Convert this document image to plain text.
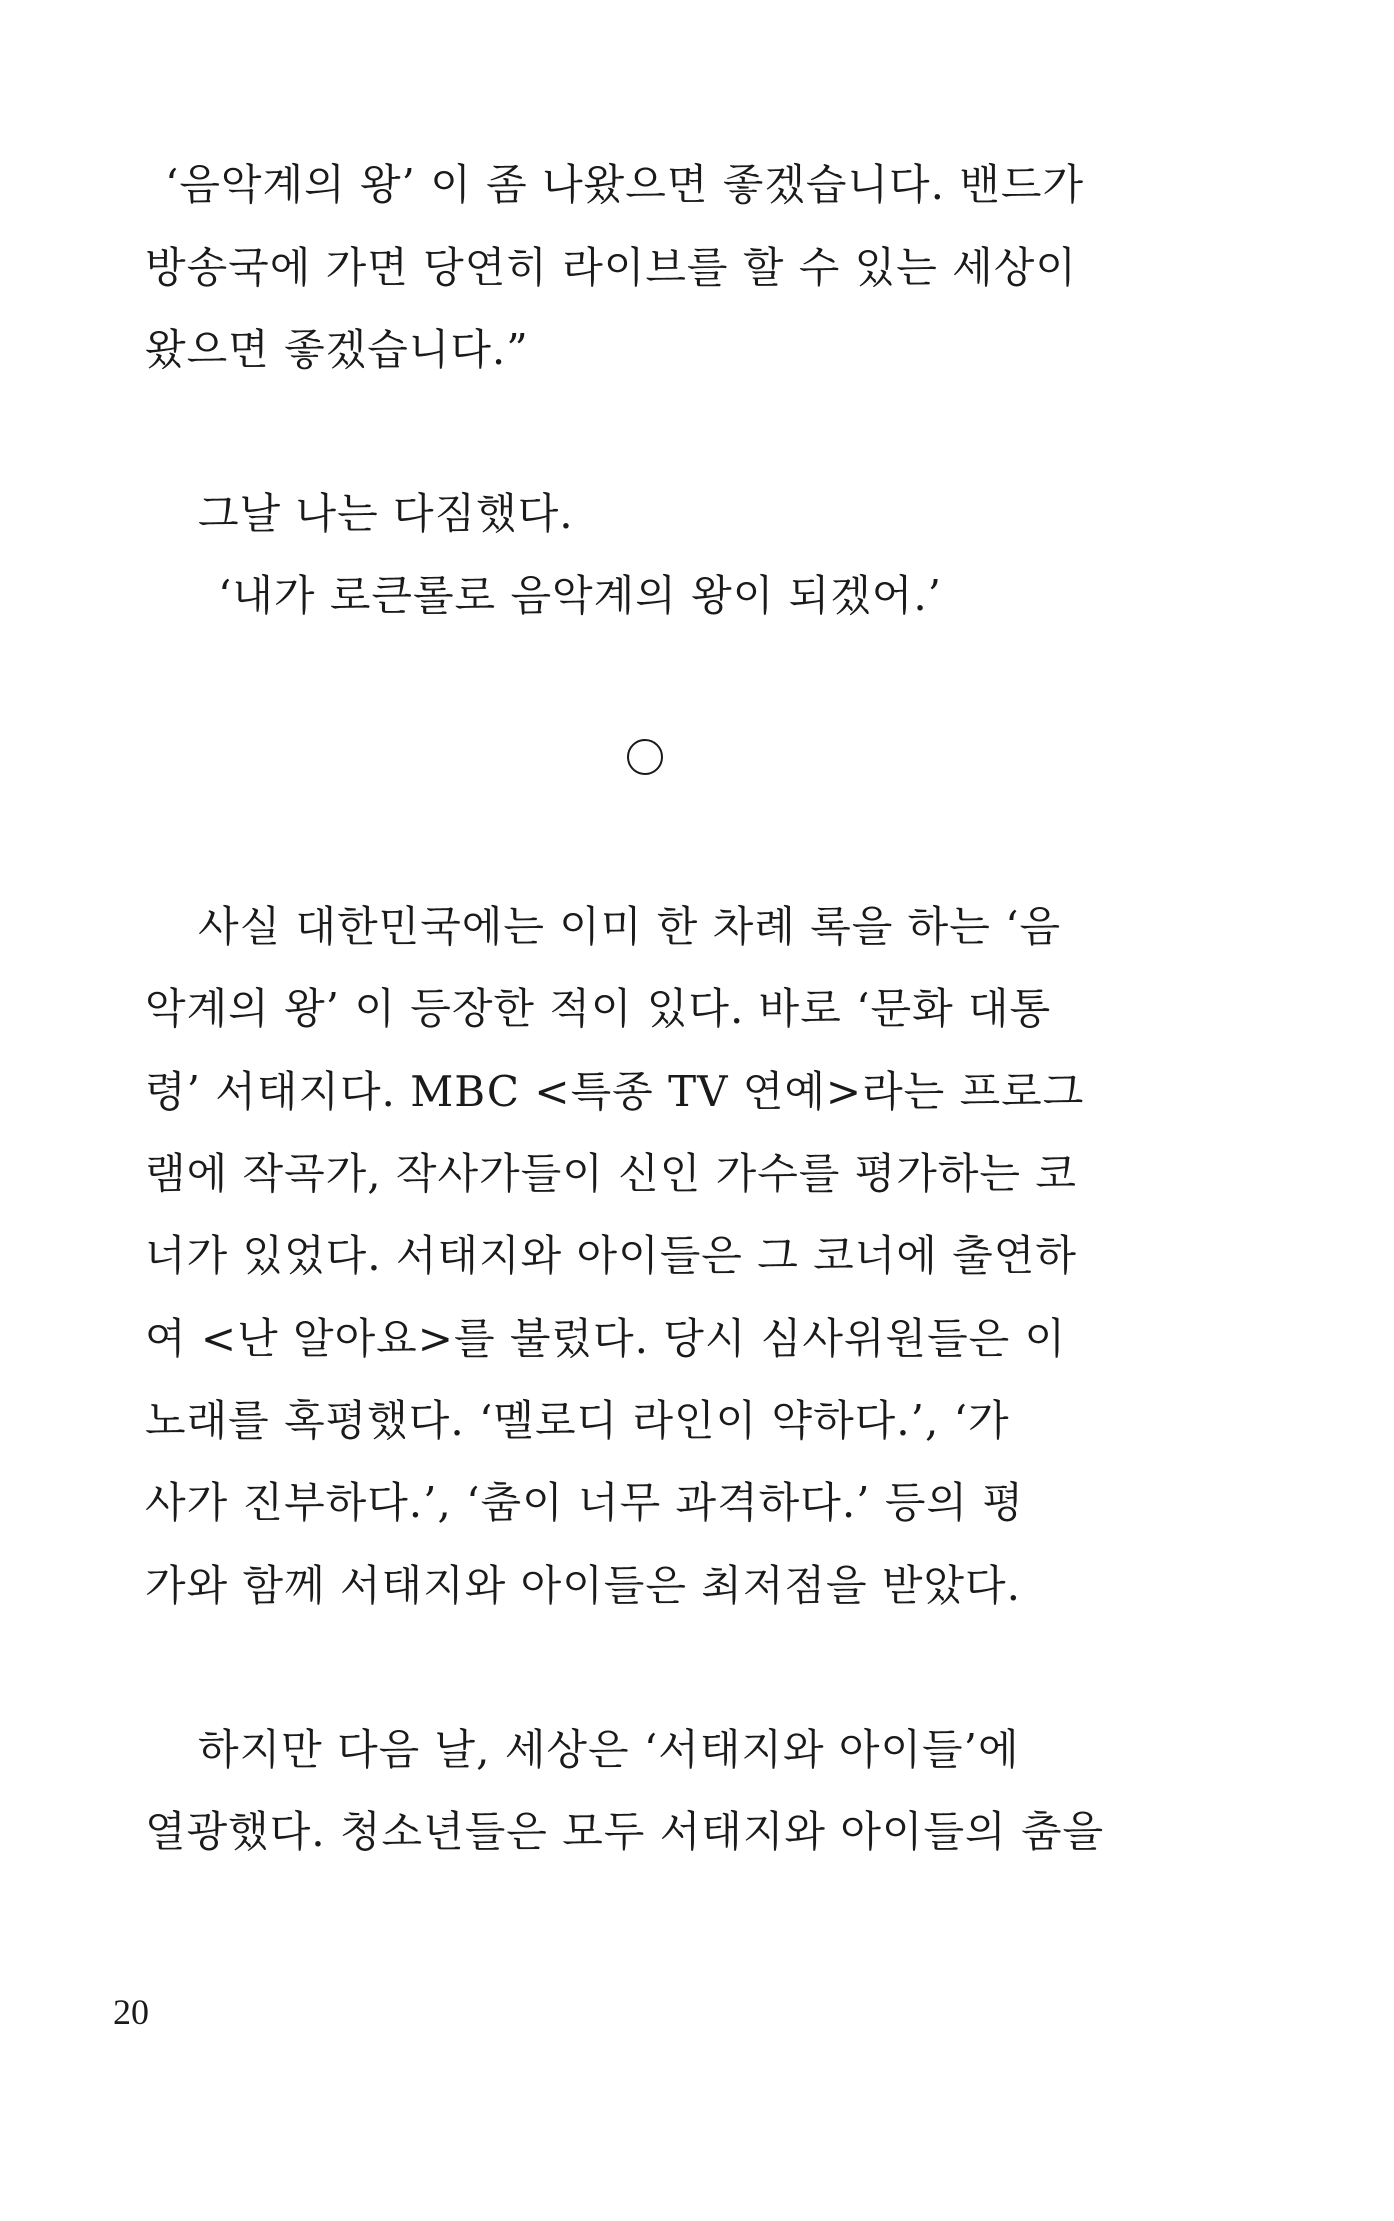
‘음악계의 왕’ 이 좀 나왔으면 좋겠습니다. 밴드가
방송국에 가면 당연히 라이브를 할 수 있는 세상이
왔으면 좋겠습니다.”
그날 나는 다짐했다.
‘내가 로큰롤로 음악계의 왕이 되겠어.’
사실 대한민국에는 이미 한 차례 록을 하는 ‘음
악계의 왕’ 이 등장한 적이 있다. 바로 ‘문화 대통
령’ 서태지다. MBC <특종 TV 연예>라는 프로그
램에 작곡가, 작사가들이 신인 가수를 평가하는 코
너가 있었다. 서태지와 아이들은 그 코너에 출연하
여 <난 알아요>를 불렀다. 당시 심사위원들은 이
노래를 혹평했다. ‘멜로디 라인이 약하다.’, ‘가
사가 진부하다.’, ‘춤이 너무 과격하다.’ 등의 평
가와 함께 서태지와 아이들은 최저점을 받았다.
하지만 다음 날, 세상은 ‘서태지와 아이들’에
열광했다. 청소년들은 모두 서태지와 아이들의 춤을
20
